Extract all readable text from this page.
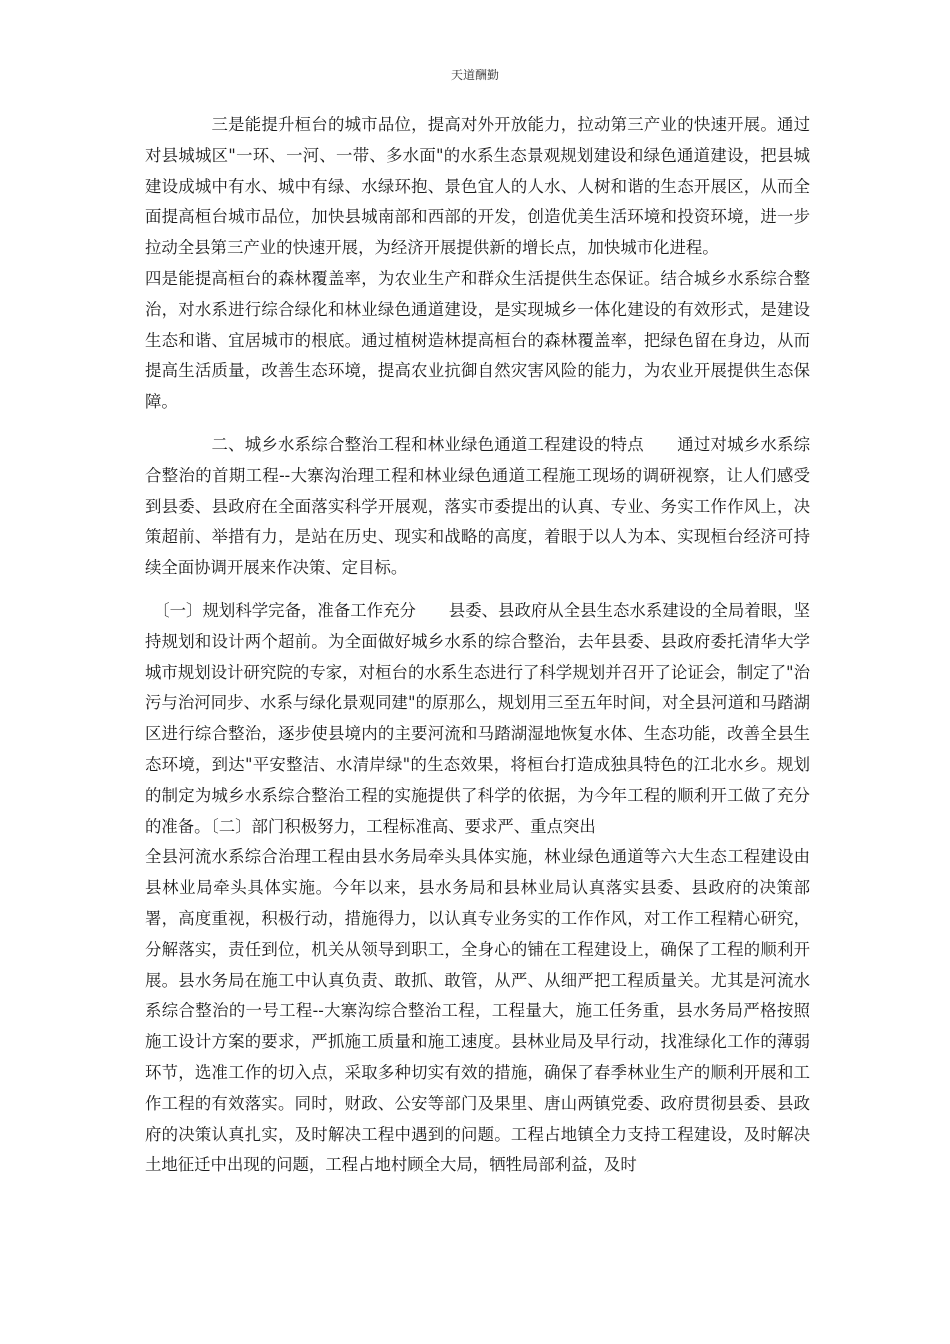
天道酬勤

　　　　三是能提升桓台的城市品位，提高对外开放能力，拉动第三产业的快速开展。通过对县城城区"一环、一河、一带、多水面"的水系生态景观规划建设和绿色通道建设，把县城建设成城中有水、城中有绿、水绿环抱、景色宜人的人水、人树和谐的生态开展区，从而全面提高桓台城市品位，加快县城南部和西部的开发，创造优美生活环境和投资环境，进一步拉动全县第三产业的快速开展，为经济开展提供新的增长点，加快城市化进程。

四是能提高桓台的森林覆盖率，为农业生产和群众生活提供生态保证。结合城乡水系综合整治，对水系进行综合绿化和林业绿色通道建设，是实现城乡一体化建设的有效形式，是建设生态和谐、宜居城市的根底。通过植树造林提高桓台的森林覆盖率，把绿色留在身边，从而提高生活质量，改善生态环境，提高农业抗御自然灾害风险的能力，为农业开展提供生态保障。

　　　　二、城乡水系综合整治工程和林业绿色通道工程建设的特点　　通过对城乡水系综合整治的首期工程--大寨沟治理工程和林业绿色通道工程施工现场的调研视察，让人们感受到县委、县政府在全面落实科学开展观，落实市委提出的认真、专业、务实工作作风上，决策超前、举措有力，是站在历史、现实和战略的高度，着眼于以人为本、实现桓台经济可持续全面协调开展来作决策、定目标。

　〔一〕规划科学完备，准备工作充分　　县委、县政府从全县生态水系建设的全局着眼，坚持规划和设计两个超前。为全面做好城乡水系的综合整治，去年县委、县政府委托清华大学城市规划设计研究院的专家，对桓台的水系生态进行了科学规划并召开了论证会，制定了"治污与治河同步、水系与绿化景观同建"的原那么，规划用三至五年时间，对全县河道和马踏湖区进行综合整治，逐步使县境内的主要河流和马踏湖湿地恢复水体、生态功能，改善全县生态环境，到达"平安整洁、水清岸绿"的生态效果，将桓台打造成独具特色的江北水乡。规划的制定为城乡水系综合整治工程的实施提供了科学的依据，为今年工程的顺利开工做了充分的准备。〔二〕部门积极努力，工程标准高、要求严、重点突出

全县河流水系综合治理工程由县水务局牵头具体实施，林业绿色通道等六大生态工程建设由县林业局牵头具体实施。今年以来，县水务局和县林业局认真落实县委、县政府的决策部署，高度重视，积极行动，措施得力，以认真专业务实的工作作风，对工作工程精心研究，分解落实，责任到位，机关从领导到职工，全身心的铺在工程建设上，确保了工程的顺利开展。县水务局在施工中认真负责、敢抓、敢管，从严、从细严把工程质量关。尤其是河流水系综合整治的一号工程--大寨沟综合整治工程，工程量大，施工任务重，县水务局严格按照施工设计方案的要求，严抓施工质量和施工速度。县林业局及早行动，找准绿化工作的薄弱环节，选准工作的切入点，采取多种切实有效的措施，确保了春季林业生产的顺利开展和工作工程的有效落实。同时，财政、公安等部门及果里、唐山两镇党委、政府贯彻县委、县政府的决策认真扎实，及时解决工程中遇到的问题。工程占地镇全力支持工程建设，及时解决土地征迁中出现的问题，工程占地村顾全大局，牺牲局部利益，及时
